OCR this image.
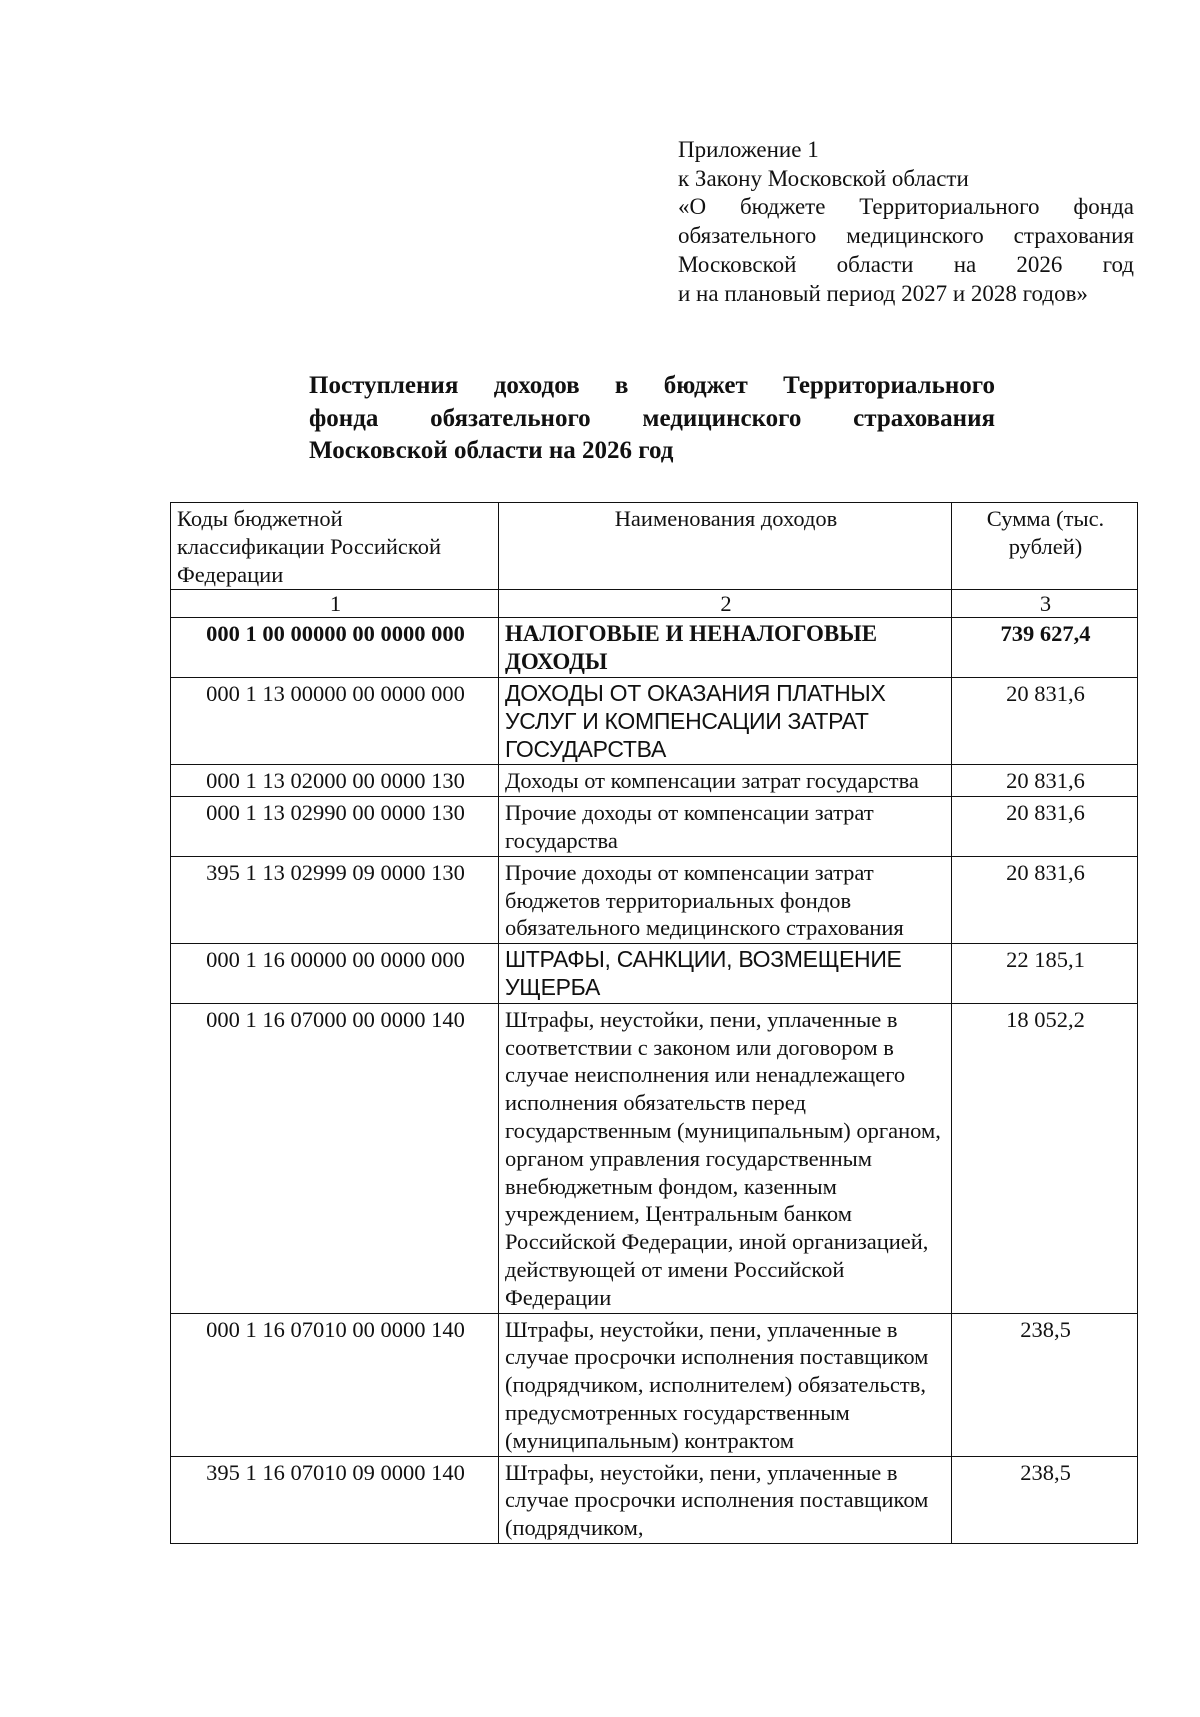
Приложение 1
к Закону Московской области
«О бюджете Территориального фонда
обязательного медицинского страхования
Московской области на 2026 год
и на плановый период 2027 и 2028 годов»
Поступления доходов в бюджет Территориального
фонда обязательного медицинского страхования
Московской области на 2026 год
Коды бюджетной классификации Российской Федерации	Наименования доходов	Сумма (тыс. рублей)
1	2	3
000 1 00 00000 00 0000 000	НАЛОГОВЫЕ И НЕНАЛОГОВЫЕ ДОХОДЫ	739 627,4
000 1 13 00000 00 0000 000	ДОХОДЫ ОТ ОКАЗАНИЯ ПЛАТНЫХ УСЛУГ И КОМПЕНСАЦИИ ЗАТРАТ ГОСУДАРСТВА	20 831,6
000 1 13 02000 00 0000 130	Доходы от компенсации затрат государства	20 831,6
000 1 13 02990 00 0000 130	Прочие доходы от компенсации затрат государства	20 831,6
395 1 13 02999 09 0000 130	Прочие доходы от компенсации затрат бюджетов территориальных фондов обязательного медицинского страхования	20 831,6
000 1 16 00000 00 0000 000	ШТРАФЫ, САНКЦИИ, ВОЗМЕЩЕНИЕ УЩЕРБА	22 185,1
000 1 16 07000 00 0000 140	Штрафы, неустойки, пени, уплаченные в соответствии с законом или договором в случае неисполнения или ненадлежащего исполнения обязательств перед государственным (муниципальным) органом, органом управления государственным внебюджетным фондом, казенным учреждением, Центральным банком Российской Федерации, иной организацией, действующей от имени Российской Федерации	18 052,2
000 1 16 07010 00 0000 140	Штрафы, неустойки, пени, уплаченные в случае просрочки исполнения поставщиком (подрядчиком, исполнителем) обязательств, предусмотренных государственным (муниципальным) контрактом	238,5
395 1 16 07010 09 0000 140	Штрафы, неустойки, пени, уплаченные в случае просрочки исполнения поставщиком (подрядчиком,	238,5
